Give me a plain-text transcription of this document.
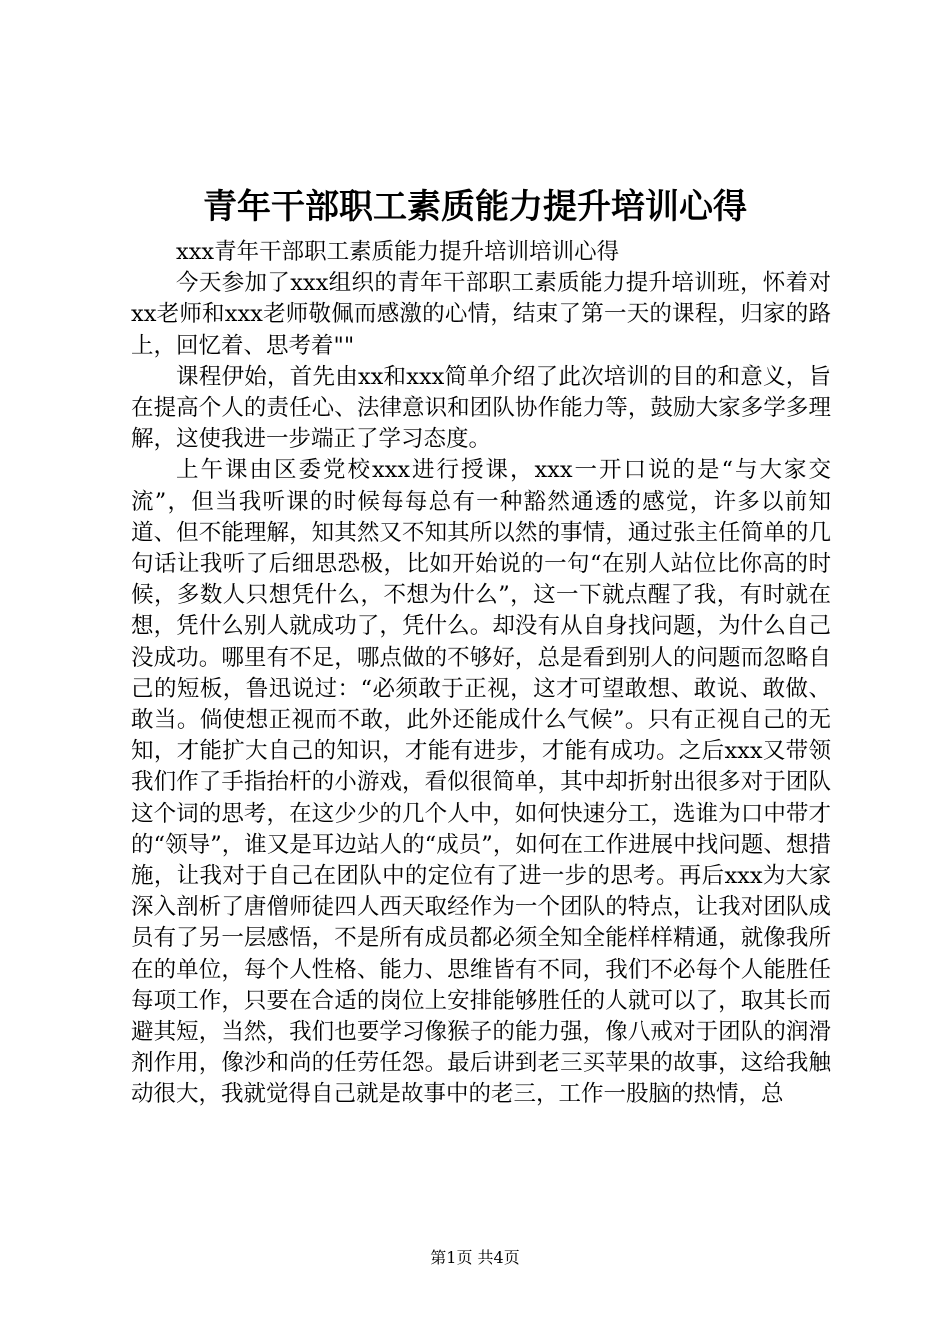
青年干部职工素质能力提升培训心得

xxx青年干部职工素质能力提升培训培训心得

今天参加了xxx组织的青年干部职工素质能力提升培训班，怀着对xx老师和xxx老师敬佩而感激的心情，结束了第一天的课程，归家的路上，回忆着、思考着""

课程伊始，首先由xx和xxx简单介绍了此次培训的目的和意义，旨在提高个人的责任心、法律意识和团队协作能力等，鼓励大家多学多理解，这使我进一步端正了学习态度。

上午课由区委党校xxx进行授课，xxx一开口说的是“与大家交流”，但当我听课的时候每每总有一种豁然通透的感觉，许多以前知道、但不能理解，知其然又不知其所以然的事情，通过张主任简单的几句话让我听了后细思恐极，比如开始说的一句“在别人站位比你高的时候，多数人只想凭什么，不想为什么”，这一下就点醒了我，有时就在想，凭什么别人就成功了，凭什么。却没有从自身找问题，为什么自己没成功。哪里有不足，哪点做的不够好，总是看到别人的问题而忽略自己的短板，鲁迅说过：“必须敢于正视，这才可望敢想、敢说、敢做、敢当。倘使想正视而不敢，此外还能成什么气候”。只有正视自己的无知，才能扩大自己的知识，才能有进步，才能有成功。之后xxx又带领我们作了手指抬杆的小游戏，看似很简单，其中却折射出很多对于团队这个词的思考，在这少少的几个人中，如何快速分工，选谁为口中带才的“领导”，谁又是耳边站人的“成员”，如何在工作进展中找问题、想措施，让我对于自己在团队中的定位有了进一步的思考。再后xxx为大家深入剖析了唐僧师徒四人西天取经作为一个团队的特点，让我对团队成员有了另一层感悟，不是所有成员都必须全知全能样样精通，就像我所在的单位，每个人性格、能力、思维皆有不同，我们不必每个人能胜任每项工作，只要在合适的岗位上安排能够胜任的人就可以了，取其长而避其短，当然，我们也要学习像猴子的能力强，像八戒对于团队的润滑剂作用，像沙和尚的任劳任怨。最后讲到老三买苹果的故事，这给我触动很大，我就觉得自己就是故事中的老三，工作一股脑的热情，总

第1页 共4页
